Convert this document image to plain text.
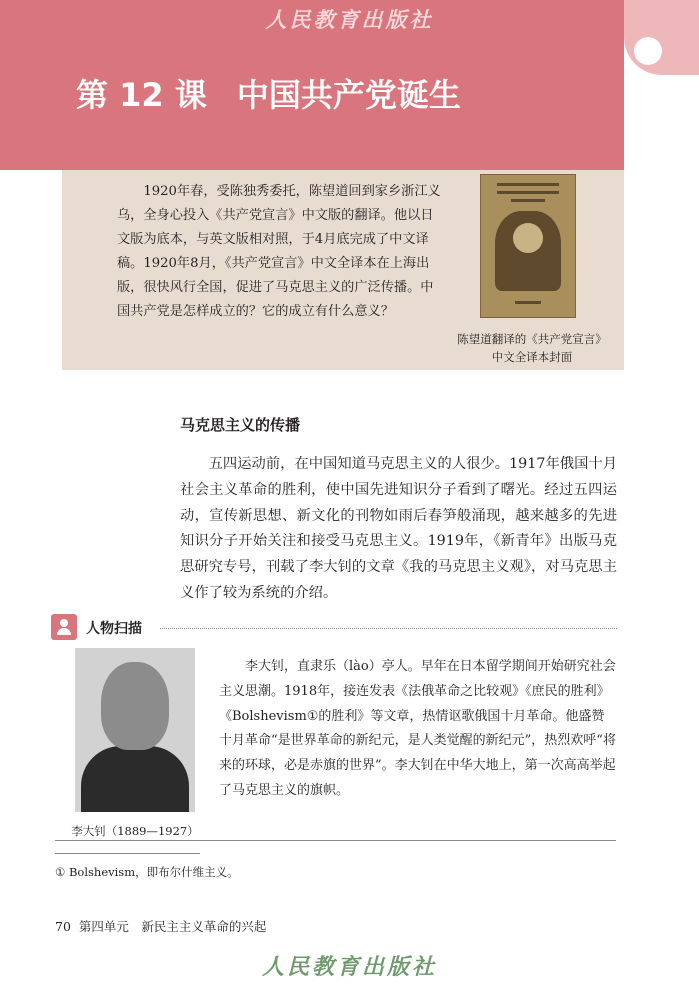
人民教育出版社
第 12 课 中国共产党诞生

1920年春，受陈独秀委托，陈望道回到家乡浙江义乌，全身心投入《共产党宣言》中文版的翻译。他以日文版为底本，与英文版相对照，于4月底完成了中文译稿。1920年8月，《共产党宣言》中文全译本在上海出版，很快风行全国，促进了马克思主义的广泛传播。中国共产党是怎样成立的？它的成立有什么意义？

陈望道翻译的《共产党宣言》
中文全译本封面
马克思主义的传播

五四运动前，在中国知道马克思主义的人很少。1917年俄国十月社会主义革命的胜利，使中国先进知识分子看到了曙光。经过五四运动，宣传新思想、新文化的刊物如雨后春笋般涌现，越来越多的先进知识分子开始关注和接受马克思主义。1919年，《新青年》出版马克思研究专号，刊载了李大钊的文章《我的马克思主义观》，对马克思主义作了较为系统的介绍。

人物扫描
李大钊（1889—1927）

李大钊，直隶乐（lào）亭人。早年在日本留学期间开始研究社会主义思潮。1918年，接连发表《法俄革命之比较观》《庶民的胜利》《Bolshevism①的胜利》等文章，热情讴歌俄国十月革命。他盛赞十月革命“是世界革命的新纪元，是人类觉醒的新纪元”，热烈欢呼“将来的环球，必是赤旗的世界”。李大钊在中华大地上，第一次高高举起了马克思主义的旗帜。

① Bolshevism，即布尔什维主义。
70 第四单元　新民主主义革命的兴起
人民教育出版社
